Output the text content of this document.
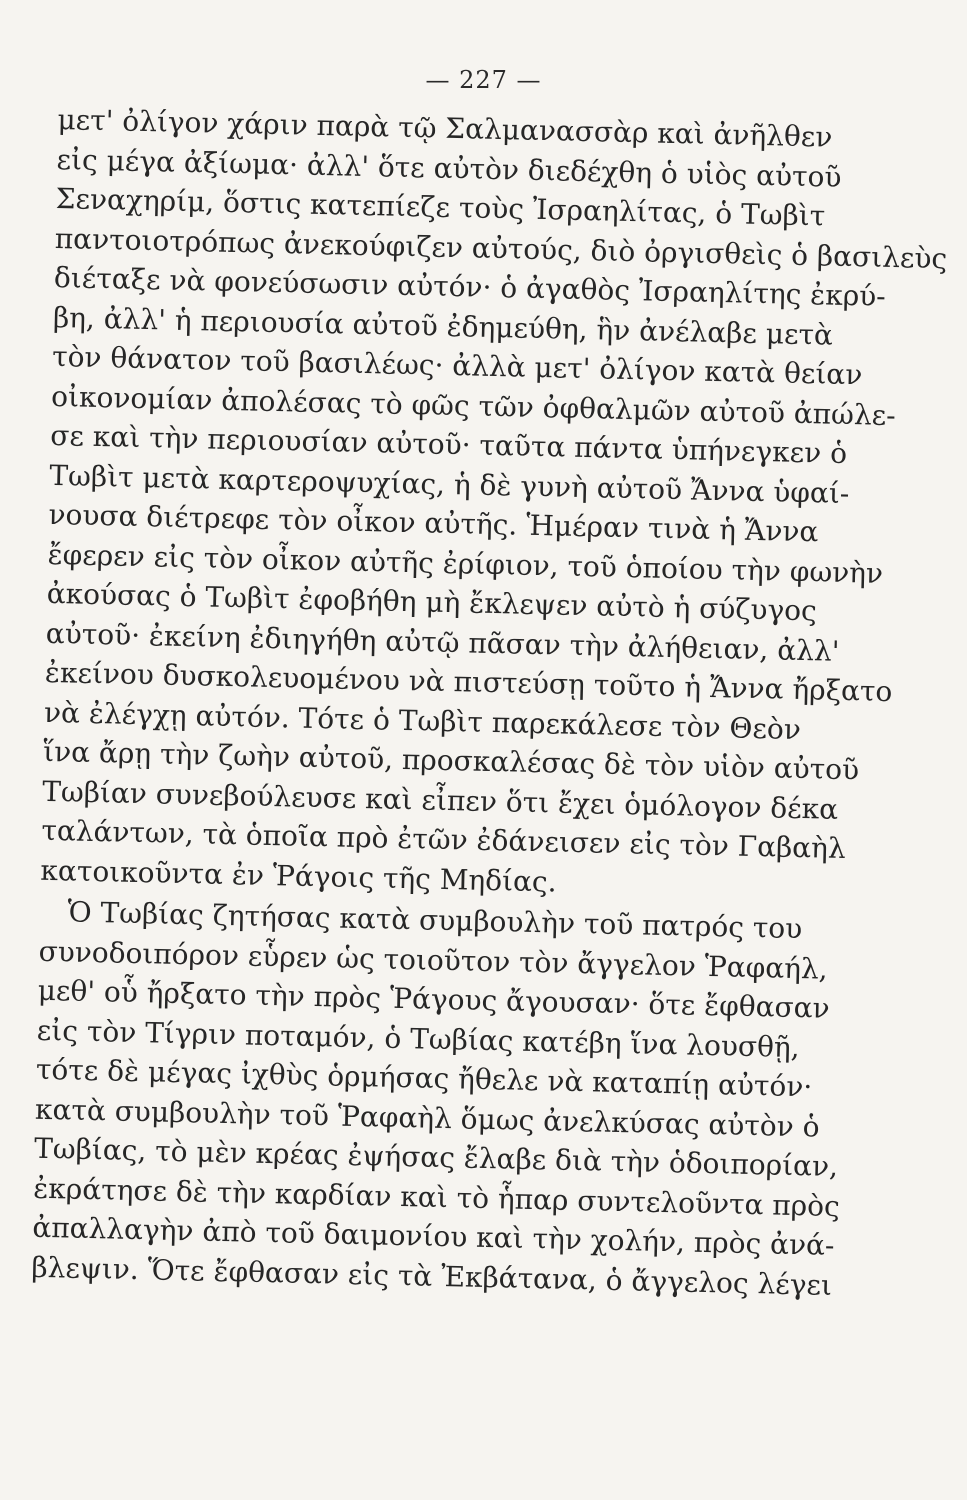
— 227 —
μετ' ὀλίγον χάριν παρὰ τῷ Σαλμανασσὰρ καὶ ἀνῆλθεν
εἰς μέγα ἀξίωμα· ἀλλ' ὅτε αὐτὸν διεδέχθη ὁ υἱὸς αὐτοῦ
Σεναχηρίμ, ὅστις κατεπίεζε τοὺς Ἰσραηλίτας, ὁ Τωβὶτ
παντοιοτρόπως ἀνεκούφιζεν αὐτούς, διὸ ὀργισθεὶς ὁ βασιλεὺς
διέταξε νὰ φονεύσωσιν αὐτόν· ὁ ἀγαθὸς Ἰσραηλίτης ἐκρύ-
βη, ἀλλ' ἡ περιουσία αὐτοῦ ἐδημεύθη, ἣν ἀνέλαβε μετὰ
τὸν θάνατον τοῦ βασιλέως· ἀλλὰ μετ' ὀλίγον κατὰ θείαν
οἰκονομίαν ἀπολέσας τὸ φῶς τῶν ὀφθαλμῶν αὐτοῦ ἀπώλε-
σε καὶ τὴν περιουσίαν αὐτοῦ· ταῦτα πάντα ὑπήνεγκεν ὁ
Τωβὶτ μετὰ καρτεροψυχίας, ἡ δὲ γυνὴ αὐτοῦ Ἄννα ὑφαί-
νουσα διέτρεφε τὸν οἶκον αὐτῆς. Ἡμέραν τινὰ ἡ Ἄννα
ἔφερεν εἰς τὸν οἶκον αὐτῆς ἐρίφιον, τοῦ ὁποίου τὴν φωνὴν
ἀκούσας ὁ Τωβὶτ ἐφοβήθη μὴ ἔκλεψεν αὐτὸ ἡ σύζυγος
αὐτοῦ· ἐκείνη ἐδιηγήθη αὐτῷ πᾶσαν τὴν ἀλήθειαν, ἀλλ'
ἐκείνου δυσκολευομένου νὰ πιστεύσῃ τοῦτο ἡ Ἄννα ἤρξατο
νὰ ἐλέγχῃ αὐτόν. Τότε ὁ Τωβὶτ παρεκάλεσε τὸν Θεὸν
ἵνα ἄρῃ τὴν ζωὴν αὐτοῦ, προσκαλέσας δὲ τὸν υἱὸν αὐτοῦ
Τωβίαν συνεβούλευσε καὶ εἶπεν ὅτι ἔχει ὁμόλογον δέκα
ταλάντων, τὰ ὁποῖα πρὸ ἐτῶν ἐδάνεισεν εἰς τὸν Γαβαὴλ
κατοικοῦντα ἐν Ῥάγοις τῆς Μηδίας.
Ὁ Τωβίας ζητήσας κατὰ συμβουλὴν τοῦ πατρός του
συνοδοιπόρον εὗρεν ὡς τοιοῦτον τὸν ἄγγελον Ῥαφαήλ,
μεθ' οὗ ἤρξατο τὴν πρὸς Ῥάγους ἄγουσαν· ὅτε ἔφθασαν
εἰς τὸν Τίγριν ποταμόν, ὁ Τωβίας κατέβη ἵνα λουσθῇ,
τότε δὲ μέγας ἰχθὺς ὁρμήσας ἤθελε νὰ καταπίῃ αὐτόν·
κατὰ συμβουλὴν τοῦ Ῥαφαὴλ ὅμως ἀνελκύσας αὐτὸν ὁ
Τωβίας, τὸ μὲν κρέας ἐψήσας ἔλαβε διὰ τὴν ὁδοιπορίαν,
ἐκράτησε δὲ τὴν καρδίαν καὶ τὸ ἧπαρ συντελοῦντα πρὸς
ἀπαλλαγὴν ἀπὸ τοῦ δαιμονίου καὶ τὴν χολήν, πρὸς ἀνά-
βλεψιν. Ὅτε ἔφθασαν εἰς τὰ Ἐκβάτανα, ὁ ἄγγελος λέγει
